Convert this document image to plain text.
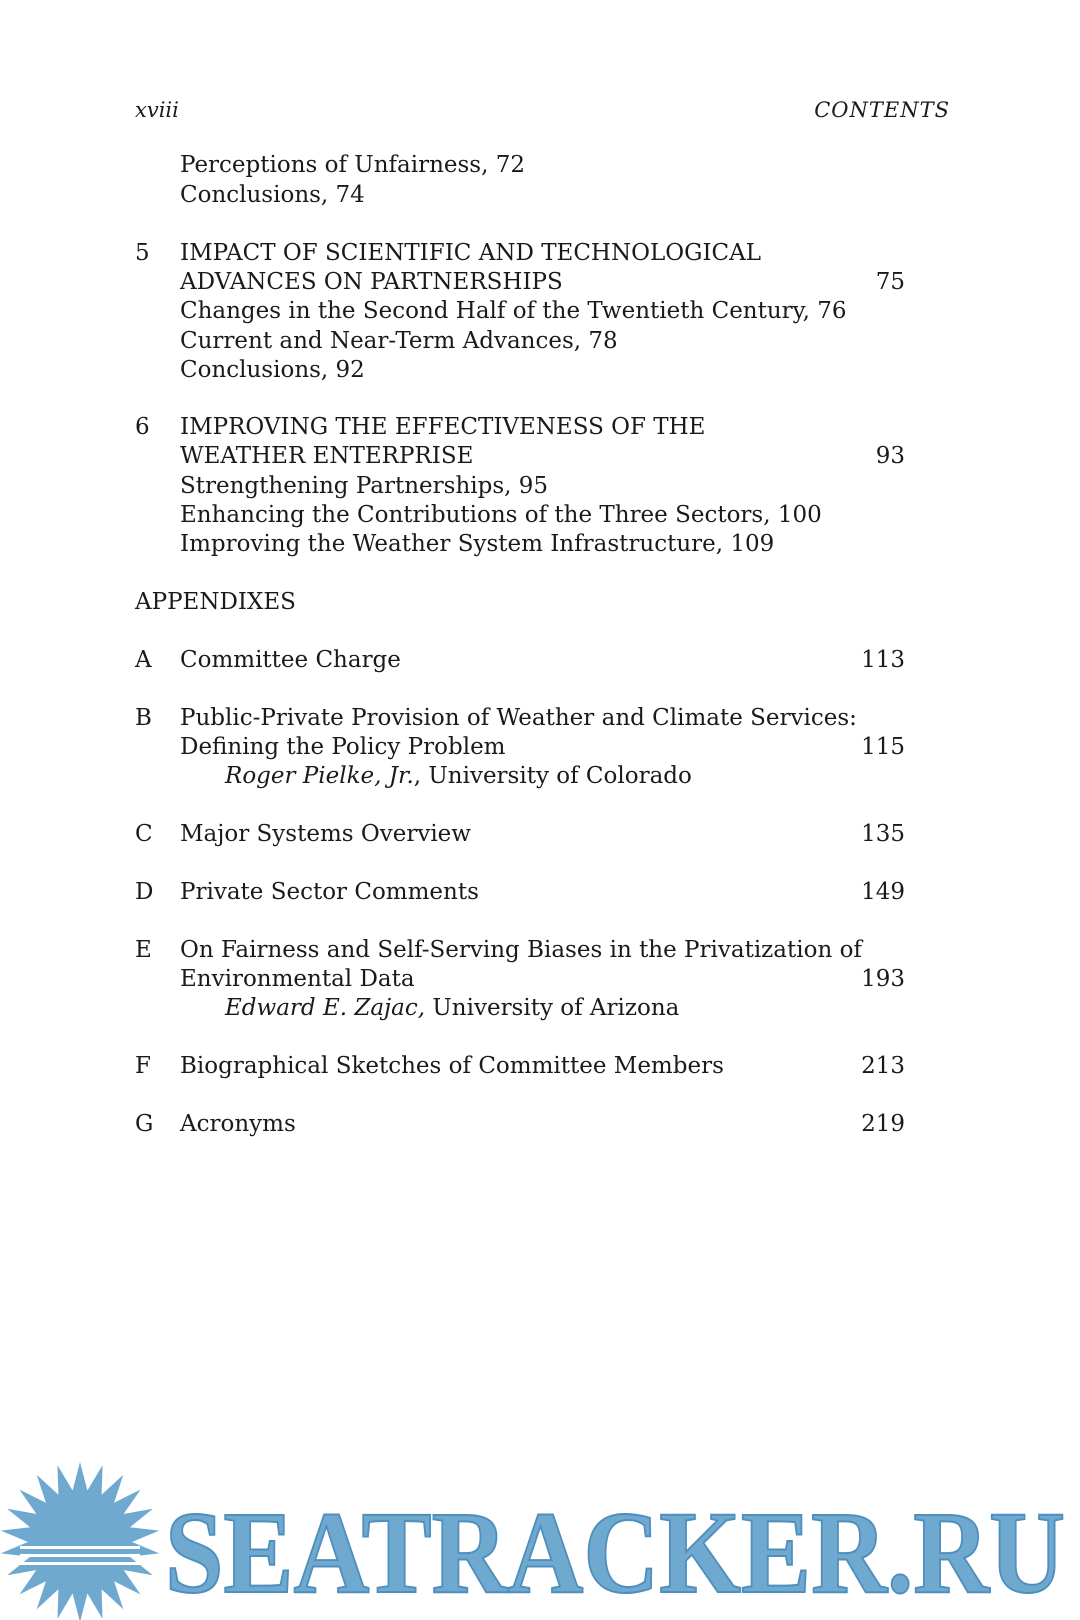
xviii	CONTENTS
Perceptions of Unfairness, 72
Conclusions, 74
5 IMPACT OF SCIENTIFIC AND TECHNOLOGICAL
ADVANCES ON PARTNERSHIPS	75
Changes in the Second Half of the Twentieth Century, 76
Current and Near-Term Advances, 78
Conclusions, 92
6 IMPROVING THE EFFECTIVENESS OF THE
WEATHER ENTERPRISE	93
Strengthening Partnerships, 95
Enhancing the Contributions of the Three Sectors, 100
Improving the Weather System Infrastructure, 109
APPENDIXES
A Committee Charge	113
B Public-Private Provision of Weather and Climate Services:
Defining the Policy Problem	115
Roger Pielke, Jr., University of Colorado
C Major Systems Overview	135
D Private Sector Comments	149
E On Fairness and Self-Serving Biases in the Privatization of
Environmental Data	193
Edward E. Zajac, University of Arizona
F Biographical Sketches of Committee Members	213
G Acronyms	219
SEATRACKER.RU
